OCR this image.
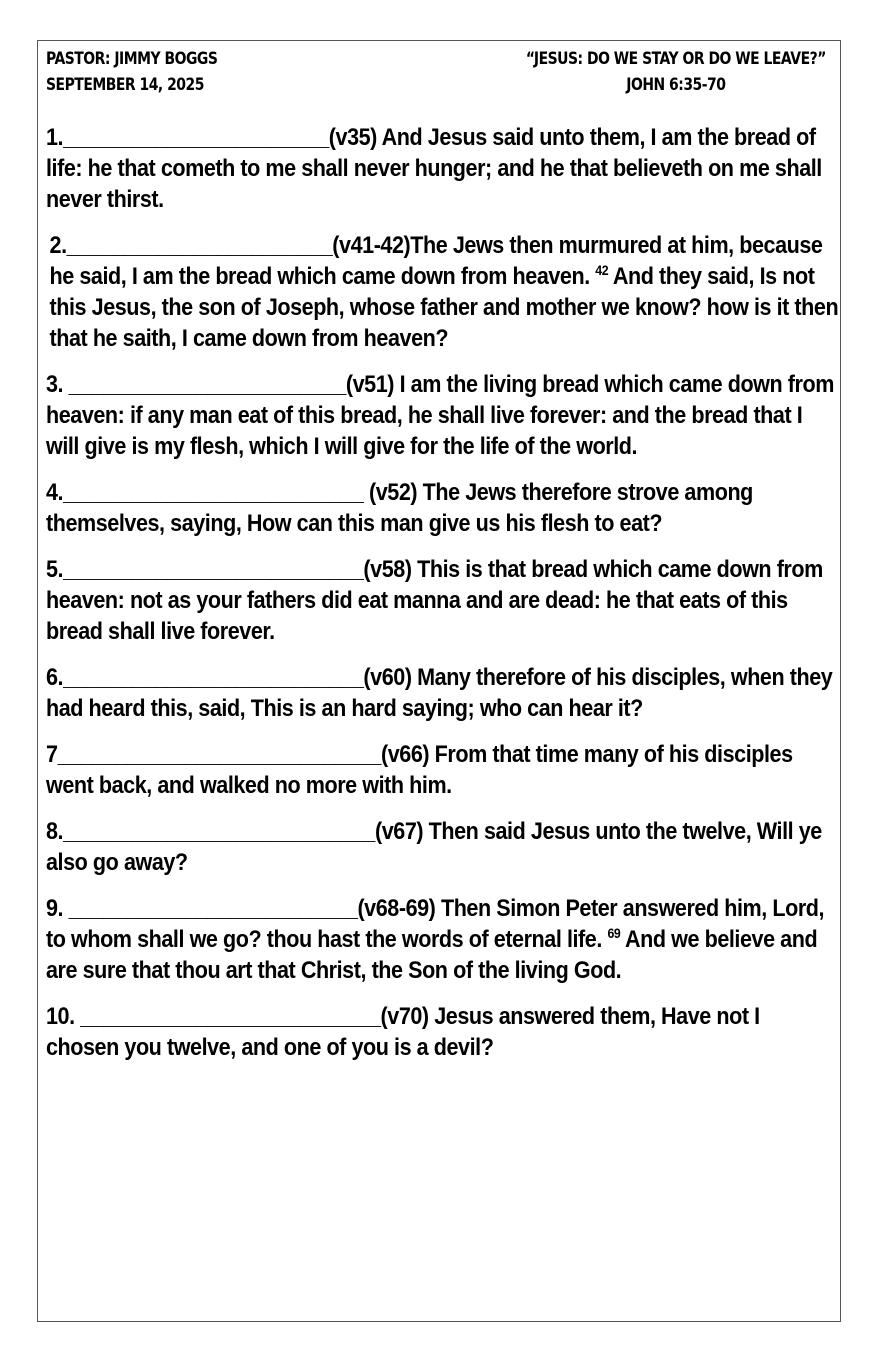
PASTOR: JIMMY BOGGS
SEPTEMBER 14, 2025
“JESUS: DO WE STAY OR DO WE LEAVE?”
JOHN 6:35-70
1._______________________(v35) And Jesus said unto them, I am the bread of life: he that cometh to me shall never hunger; and he that believeth on me shall never thirst.
2._______________________(v41-42)The Jews then murmured at him, because he said, I am the bread which came down from heaven. $^{42}$ And they said, Is not this Jesus, the son of Joseph, whose father and mother we know? how is it then that he saith, I came down from heaven?
3. ________________________(v51) I am the living bread which came down from heaven: if any man eat of this bread, he shall live forever: and the bread that I will give is my flesh, which I will give for the life of the world.
4.__________________________ (v52) The Jews therefore strove among themselves, saying, How can this man give us his flesh to eat?
5.__________________________(v58) This is that bread which came down from heaven: not as your fathers did eat manna and are dead: he that eats of this bread shall live forever.
6.__________________________(v60) Many therefore of his disciples, when they had heard this, said, This is an hard saying; who can hear it?
7____________________________(v66) From that time many of his disciples went back, and walked no more with him.
8.___________________________(v67) Then said Jesus unto the twelve, Will ye also go away?
9. _________________________(v68-69) Then Simon Peter answered him, Lord, to whom shall we go? thou hast the words of eternal life. $^{69}$ And we believe and are sure that thou art that Christ, the Son of the living God.
10. __________________________(v70) Jesus answered them, Have not I chosen you twelve, and one of you is a devil?
